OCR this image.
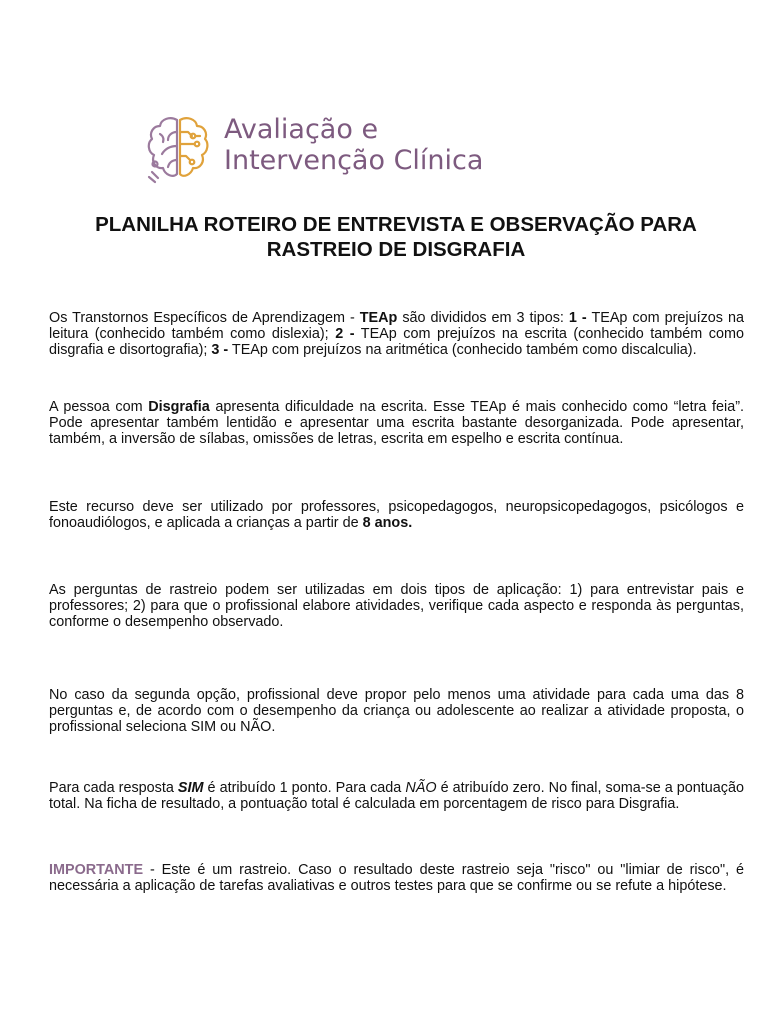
Avaliação e
Intervenção Clínica
PLANILHA ROTEIRO DE ENTREVISTA E OBSERVAÇÃO PARA
RASTREIO DE DISGRAFIA

Os Transtornos Específicos de Aprendizagem - TEAp são divididos em 3 tipos: 1 - TEAp com prejuízos na leitura (conhecido também como dislexia); 2 - TEAp com prejuízos na escrita (conhecido também como disgrafia e disortografia); 3 - TEAp com prejuízos na aritmética (conhecido também como discalculia).

A pessoa com Disgrafia apresenta dificuldade na escrita. Esse TEAp é mais conhecido como “letra feia”. Pode apresentar também lentidão e apresentar uma escrita bastante desorganizada. Pode apresentar, também, a inversão de sílabas, omissões de letras, escrita em espelho e escrita contínua.

Este recurso deve ser utilizado por professores, psicopedagogos, neuropsicopedagogos, psicólogos e fonoaudiólogos, e aplicada a crianças a partir de 8 anos.

As perguntas de rastreio podem ser utilizadas em dois tipos de aplicação: 1) para entrevistar pais e professores; 2) para que o profissional elabore atividades, verifique cada aspecto e responda às perguntas, conforme o desempenho observado.

No caso da segunda opção, profissional deve propor pelo menos uma atividade para cada uma das 8 perguntas e, de acordo com o desempenho da criança ou adolescente ao realizar a atividade proposta, o profissional seleciona SIM ou NÃO.

Para cada resposta SIM é atribuído 1 ponto. Para cada NÃO é atribuído zero. No final, soma-se a pontuação total. Na ficha de resultado, a pontuação total é calculada em porcentagem de risco para Disgrafia.

IMPORTANTE - Este é um rastreio. Caso o resultado deste rastreio seja "risco" ou "limiar de risco", é necessária a aplicação de tarefas avaliativas e outros testes para que se confirme ou se refute a hipótese.
